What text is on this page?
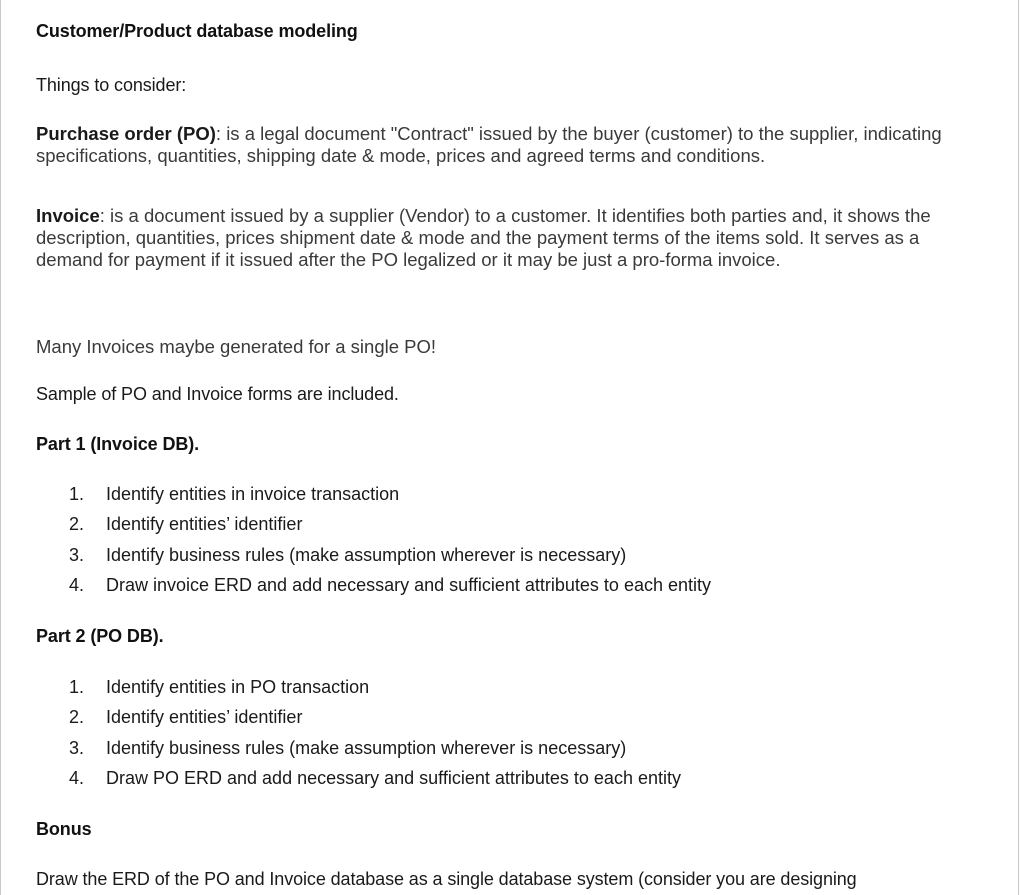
Customer/Product database modeling
Things to consider:
Purchase order (PO): is a legal document "Contract" issued by the buyer (customer) to the supplier, indicating specifications, quantities, shipping date & mode, prices and agreed terms and conditions.
Invoice: is a document issued by a supplier (Vendor) to a customer. It identifies both parties and, it shows the description, quantities, prices shipment date & mode and the payment terms of the items sold. It serves as a demand for payment if it issued after the PO legalized or it may be just a pro-forma invoice.
Many Invoices maybe generated for a single PO!
Sample of PO and Invoice forms are included.
Part 1 (Invoice DB).
1. Identify entities in invoice transaction
2. Identify entities’ identifier
3. Identify business rules (make assumption wherever is necessary)
4. Draw invoice ERD and add necessary and sufficient attributes to each entity
Part 2 (PO DB).
1. Identify entities in PO transaction
2. Identify entities’ identifier
3. Identify business rules (make assumption wherever is necessary)
4. Draw PO ERD and add necessary and sufficient attributes to each entity
Bonus
Draw the ERD of the PO and Invoice database as a single database system (consider you are designing
